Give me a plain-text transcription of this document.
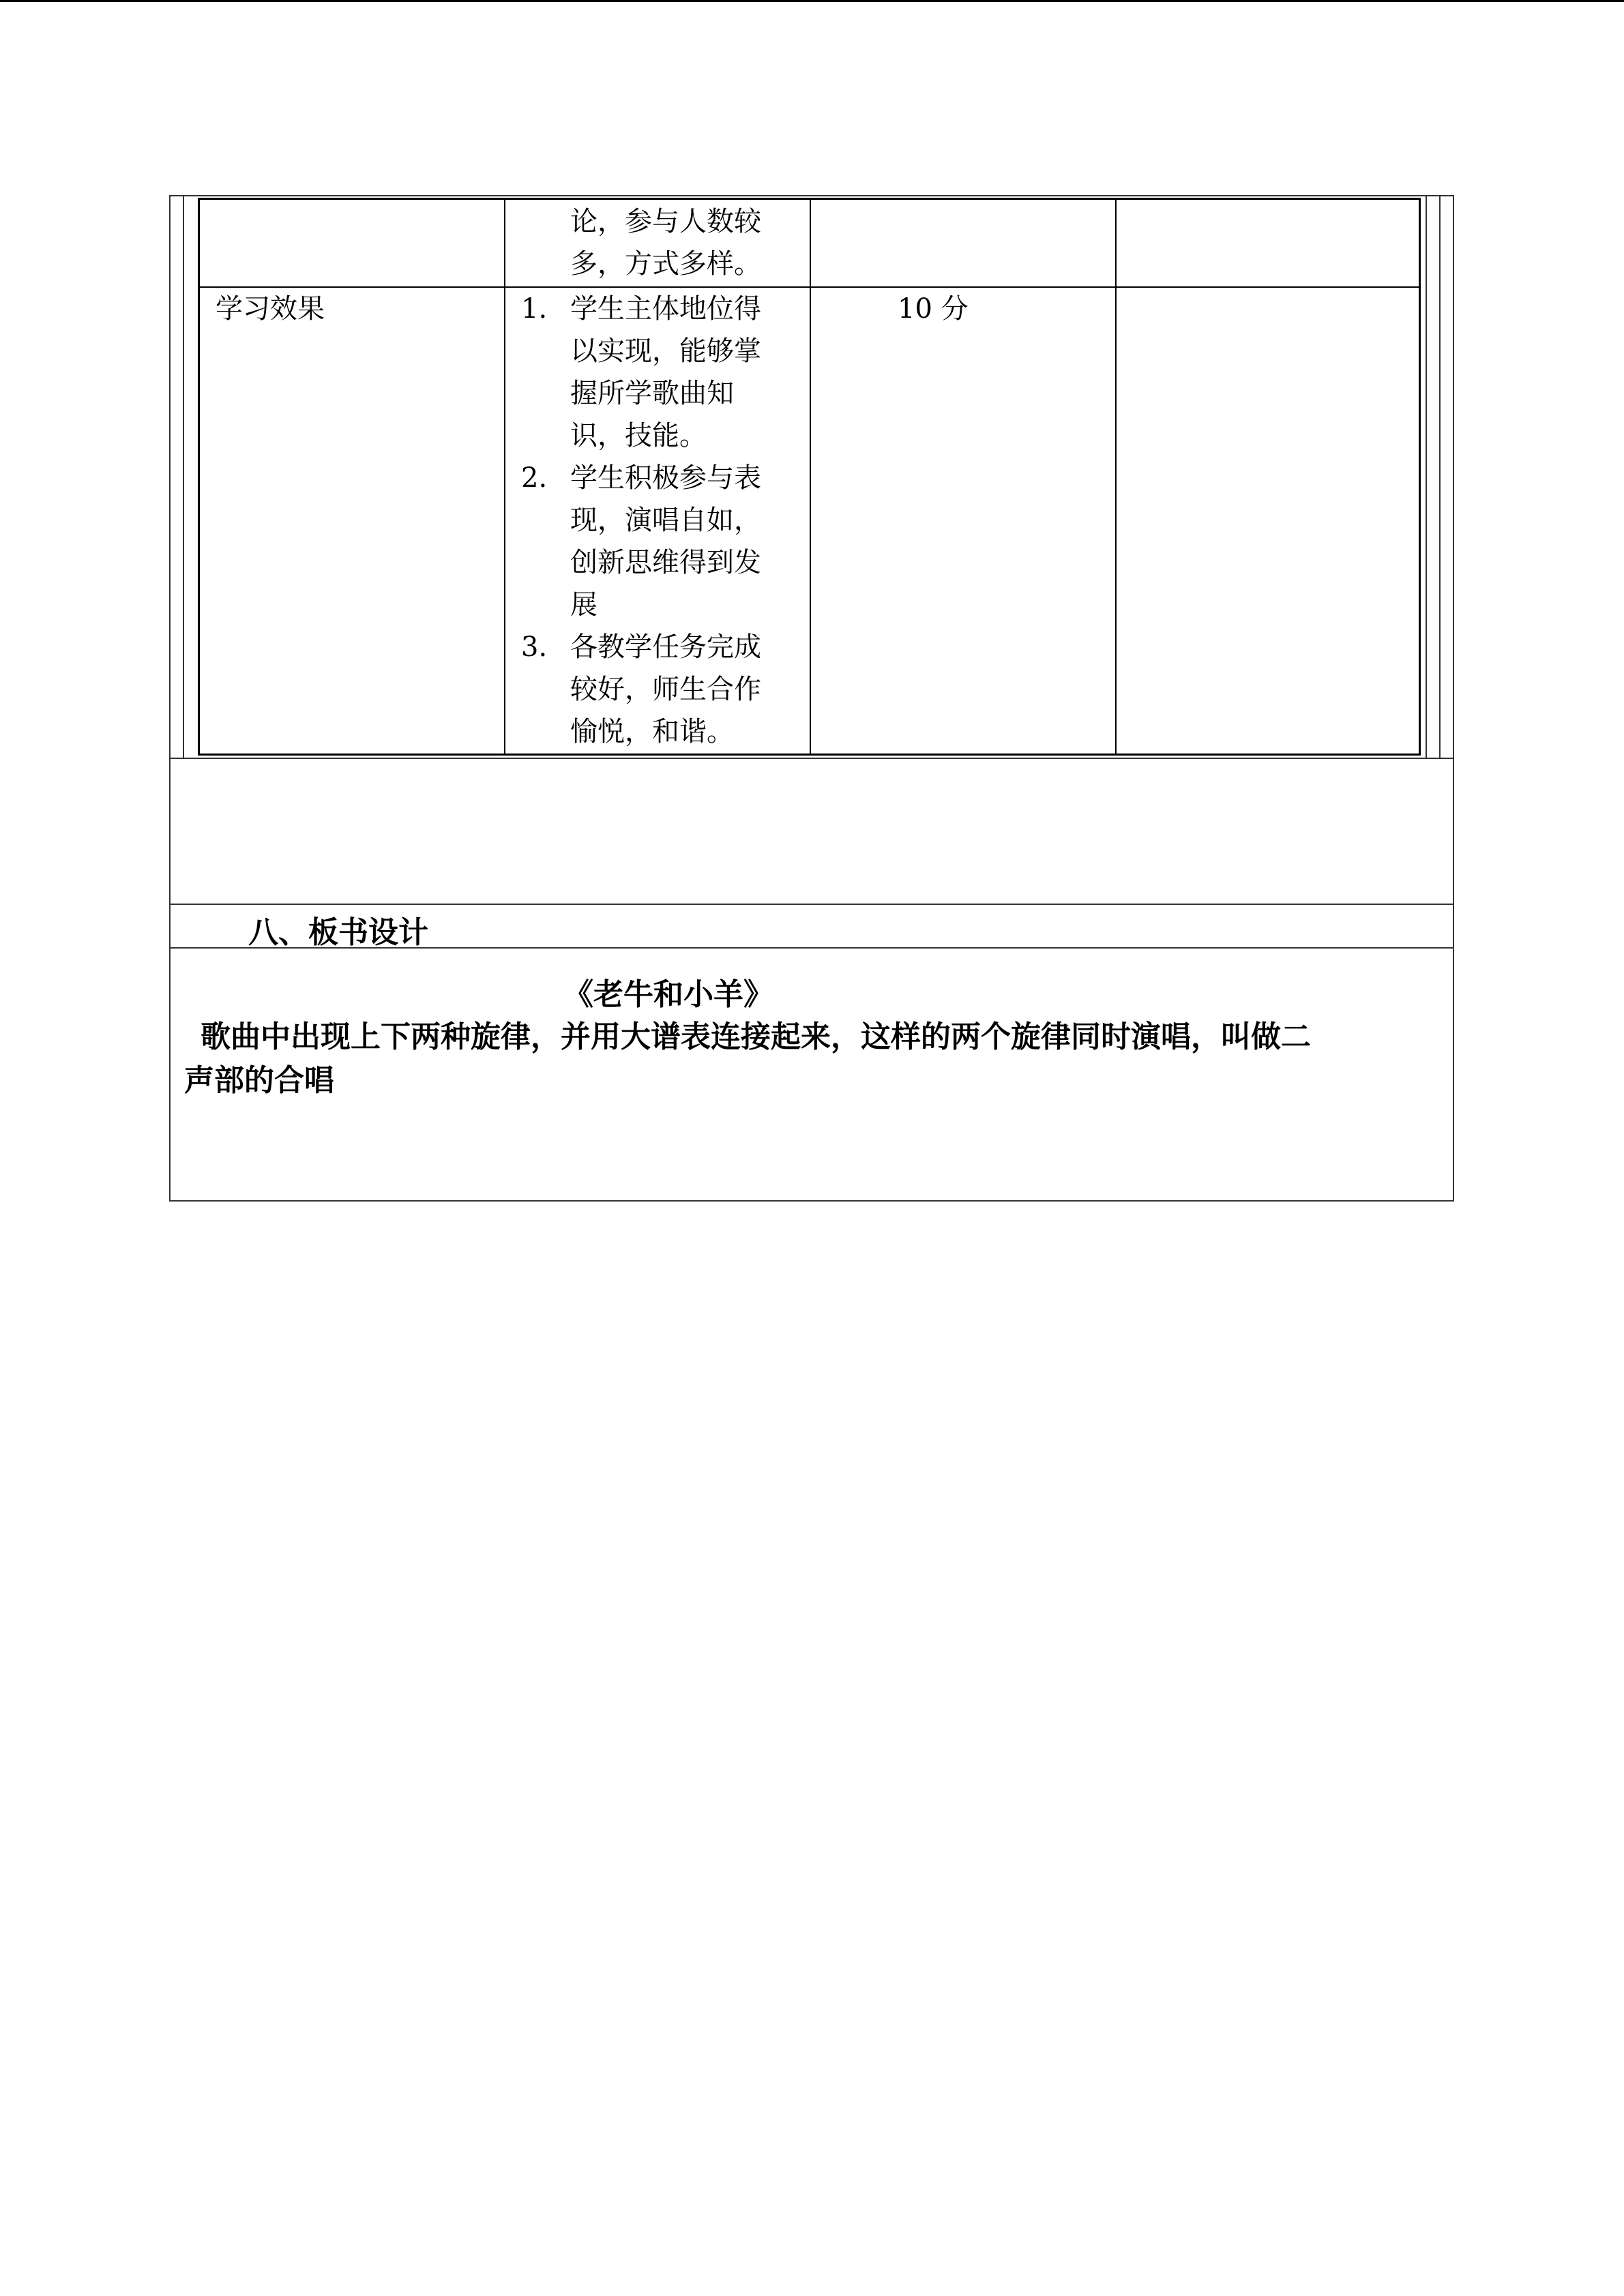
论，参与人数较
多，方式多样。
学习效果	1. 学生主体地位得
以实现，能够掌
握所学歌曲知
识，技能。
2. 学生积极参与表
现，演唱自如，
创新思维得到发
展
3. 各教学任务完成
较好，师生合作
愉悦，和谐。
10 分
八、板书设计
《老牛和小羊》
歌曲中出现上下两种旋律，并用大谱表连接起来，这样的两个旋律同时演唱，叫做二
声部的合唱
